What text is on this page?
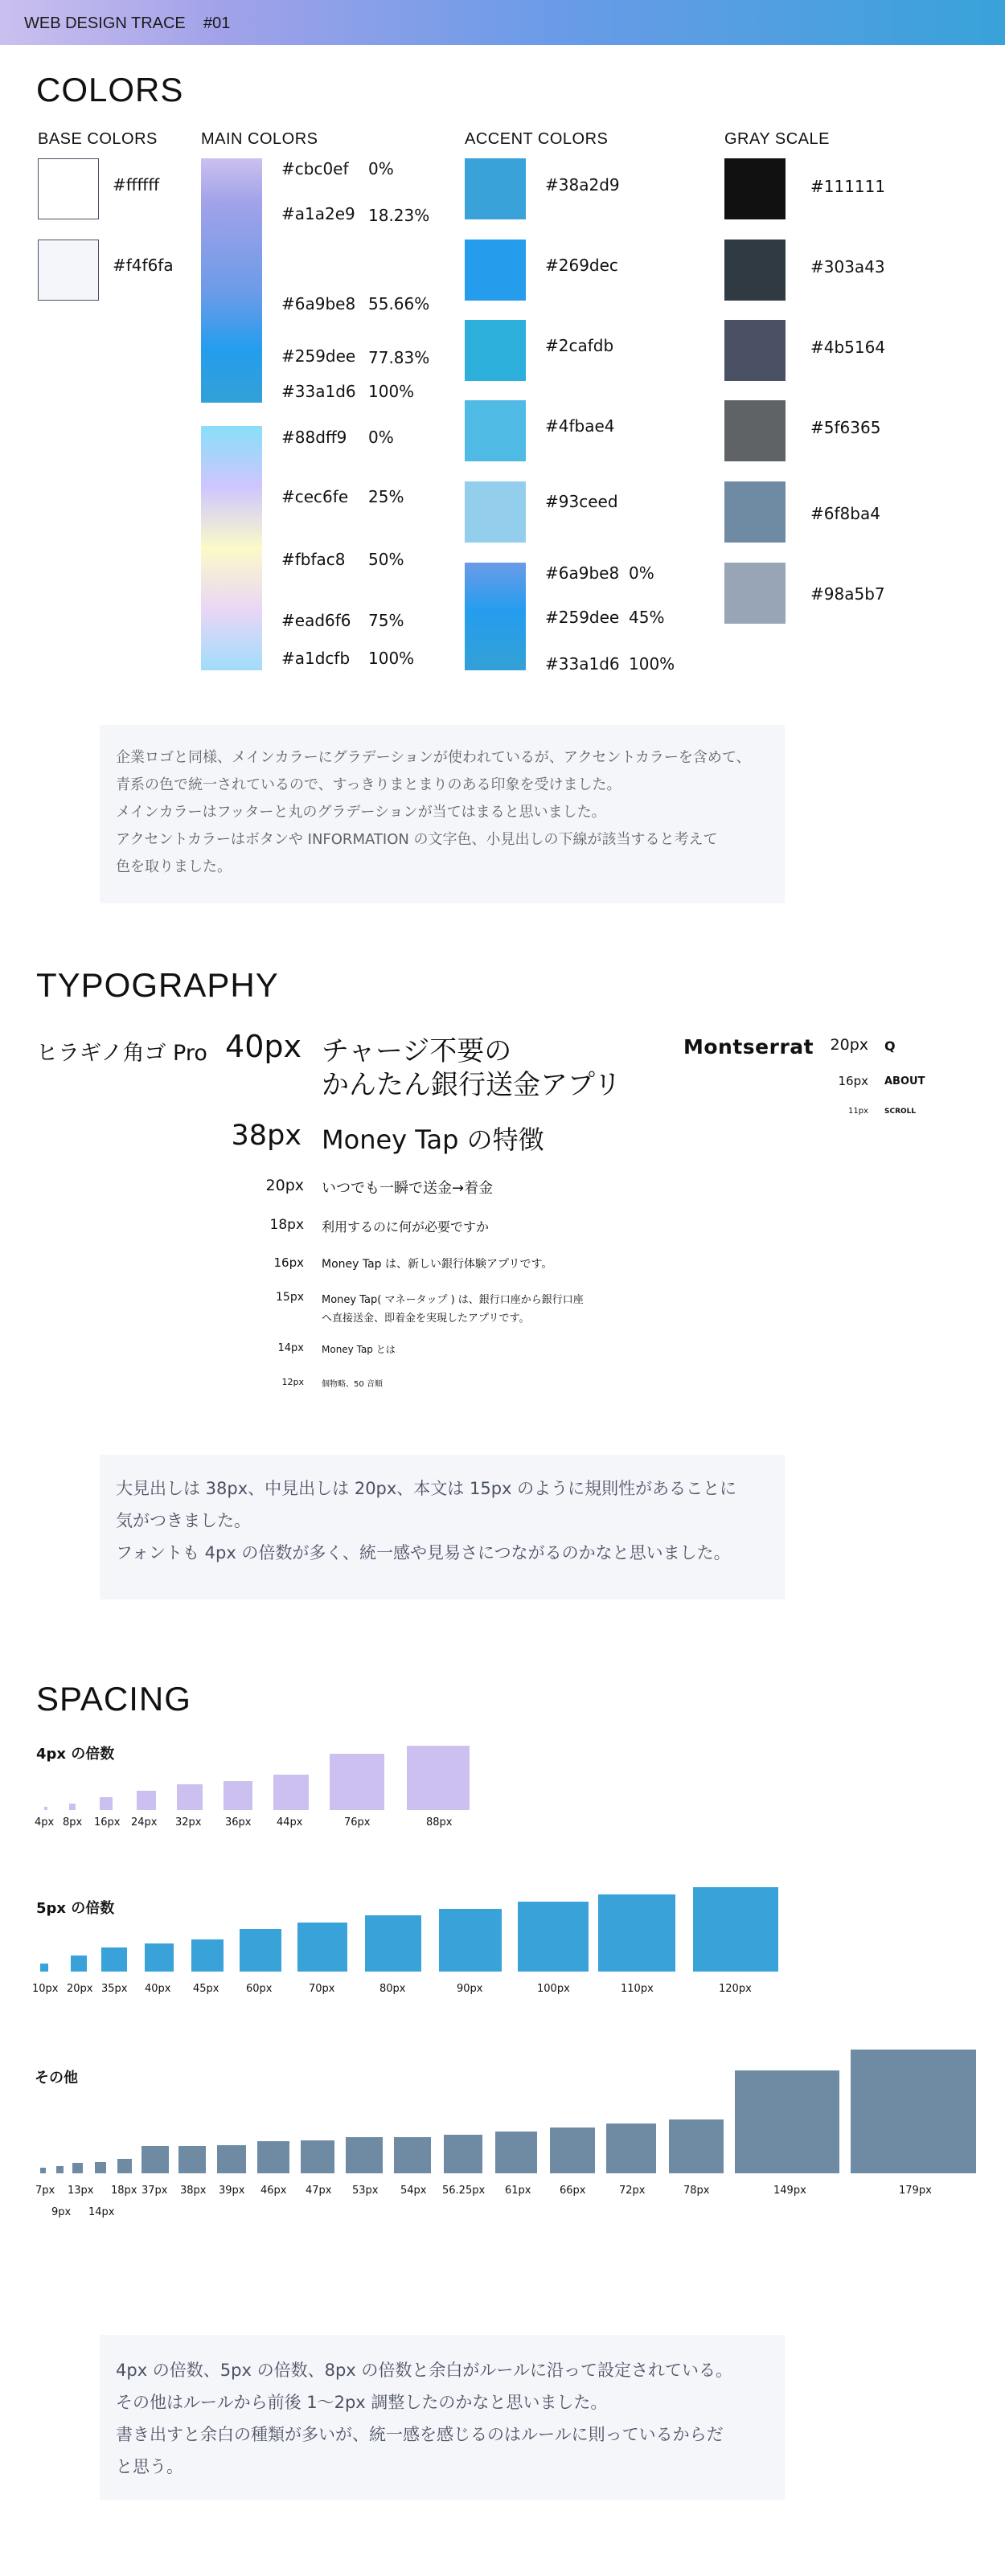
WEB DESIGN TRACE    #01
COLORS
BASE COLORS	MAIN COLORS	ACCENT COLORS	GRAY SCALE
#ffffff
#f4f6fa
#cbc0ef 0%
#a1a2e9 18.23%
#6a9be8 55.66%
#259dee 77.83%
#33a1d6 100%
#88dff9 0%
#cec6fe 25%
#fbfac8 50%
#ead6f6 75%
#a1dcfb 100%
#38a2d9
#269dec
#2cafdb
#4fbae4
#93ceed
#6a9be8 0%
#259dee 45%
#33a1d6 100%
#111111
#303a43
#4b5164
#5f6365
#6f8ba4
#98a5b7

企業ロゴと同様、メインカラーにグラデーションが使われているが、アクセントカラーを含めて、

青系の色で統一されているので、すっきりまとまりのある印象を受けました。

メインカラーはフッターと丸のグラデーションが当てはまると思いました。

アクセントカラーはボタンや INFORMATION の文字色、小見出しの下線が該当すると考えて

色を取りました。

TYPOGRAPHY
ヒラギノ角ゴ Pro 40px チャージ不要の
かんたん銀行送金アプリ
38px Money Tap の特徴
20px いつでも一瞬で送金→着金
18px 利用するのに何が必要ですか
16px Money Tap は、新しい銀行体験アプリです。
15px Money Tap( マネータップ ) は、銀行口座から銀行口座
へ直接送金、即着金を実現したアプリです。
14px Money Tap とは
12px 個物略、50 音順
Montserrat	20px Q
16px ABOUT
11px SCROLL

大見出しは 38px、中見出しは 20px、本文は 15px のように規則性があることに

気がつきました。

フォントも 4px の倍数が多く、統一感や見易さにつながるのかなと思いました。

SPACING
4px の倍数
4px 8px 16px 24px 32px 36px 44px	76px	88px
5px の倍数
10px 20px 35px 40px 45px	60px	70px	80px	90px	100px	110px	120px
その他
7px
9px
13px
14px
18px 37px 38px 39px 46px 47px 53px 54px 56.25px 61px	66px	72px	78px	149px	179px

4px の倍数、5px の倍数、8px の倍数と余白がルールに沿って設定されている。

その他はルールから前後 1〜2px 調整したのかなと思いました。

書き出すと余白の種類が多いが、統一感を感じるのはルールに則っているからだ

と思う。
